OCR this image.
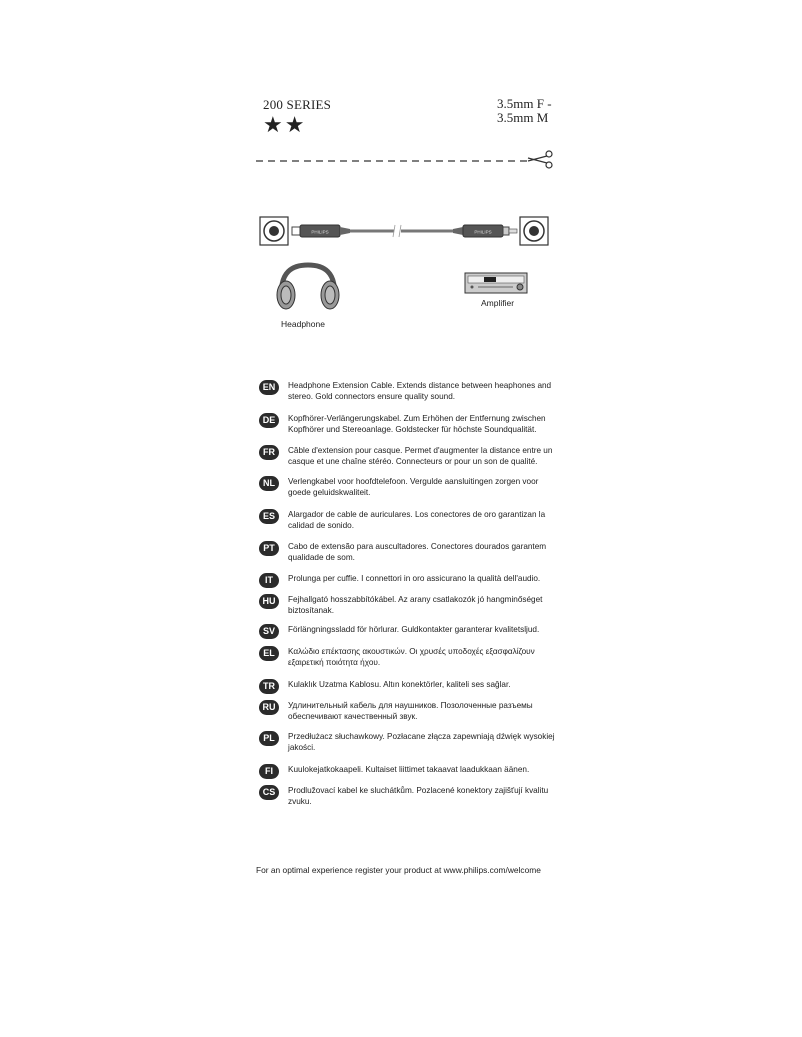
200 SERIES
★★
3.5mm F -
3.5mm M
PHILIPS	PHILIPS
Amplifier
Headphone
EN	Headphone Extension Cable. Extends distance between heaphones and stereo. Gold connectors ensure quality sound.
DE	Kopfhörer-Verlängerungskabel. Zum Erhöhen der Entfernung zwischen Kopfhörer und Stereoanlage. Goldstecker für höchste Soundqualität.
FR	Câble d'extension pour casque. Permet d'augmenter la distance entre un casque et une chaîne stéréo. Connecteurs or pour un son de qualité.
NL	Verlengkabel voor hoofdtelefoon. Vergulde aansluitingen zorgen voor goede geluidskwaliteit.
ES	Alargador de cable de auriculares. Los conectores de oro garantizan la calidad de sonido.
PT	Cabo de extensão para auscultadores. Conectores dourados garantem qualidade de som.
IT	Prolunga per cuffie. I connettori in oro assicurano la qualità dell'audio.
HU	Fejhallgató hosszabbítókábel. Az arany csatlakozók jó hangminőséget biztosítanak.
SV	Förlängningssladd för hörlurar. Guldkontakter garanterar kvalitetsljud.
EL	Καλώδιο επέκτασης ακουστικών. Οι χρυσές υποδοχές εξασφαλίζουν εξαιρετική ποιότητα ήχου.
TR	Kulaklık Uzatma Kablosu. Altın konektörler, kaliteli ses sağlar.
RU	Удлинительный кабель для наушников. Позолоченные разъемы обеспечивают качественный звук.
PL	Przedłużacz słuchawkowy. Pozłacane złącza zapewniają dźwięk wysokiej jakości.
FI	Kuulokejatkokaapeli. Kultaiset liittimet takaavat laadukkaan äänen.
CS	Prodlužovací kabel ke sluchátkům. Pozlacené konektory zajišťují kvalitu zvuku.
For an optimal experience register your product at www.philips.com/welcome
